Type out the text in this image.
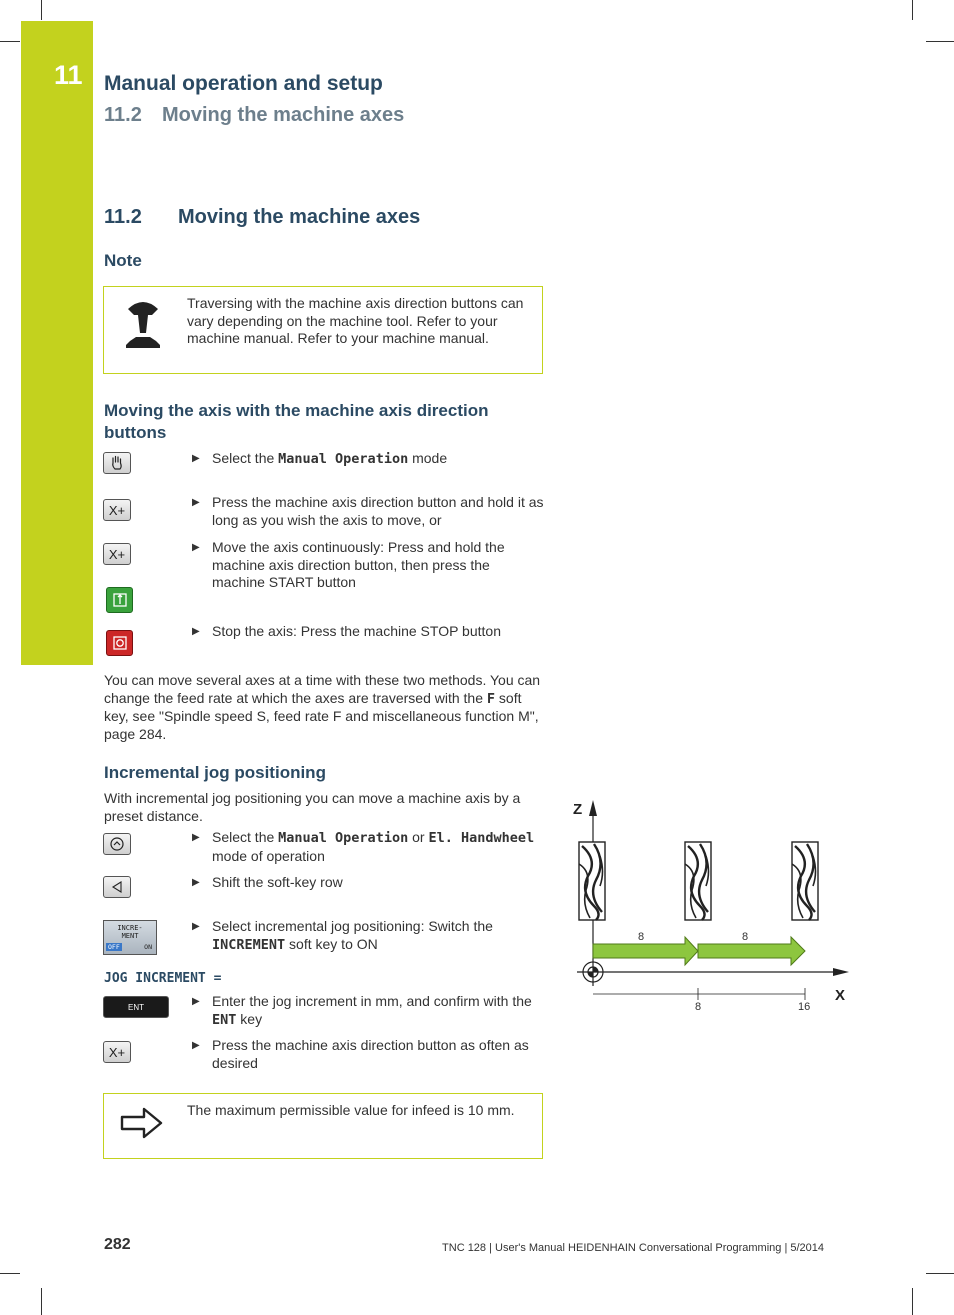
11 Manual operation and setup
11.2 Moving the machine axes
11.2 Moving the machine axes
Note
Traversing with the machine axis direction buttons can vary depending on the machine tool. Refer to your machine manual. Refer to your machine manual.
Moving the axis with the machine axis direction buttons
▶ Select the Manual Operation mode
X+	▶ Press the machine axis direction button and hold it as long as you wish the axis to move, or
X+	▶ Move the axis continuously: Press and hold the machine axis direction button, then press the machine START button
▶ Stop the axis: Press the machine STOP button
You can move several axes at a time with these two methods. You can change the feed rate at which the axes are traversed with the F soft key, see "Spindle speed S, feed rate F and miscellaneous function M", page 284.
Incremental jog positioning
With incremental jog positioning you can move a machine axis by a preset distance.
▶ Select the Manual Operation or El. Handwheel mode of operation
▶ Shift the soft-key row
INCRE-
MENT
OFF	ON
▶ Select incremental jog positioning: Switch the INCREMENT soft key to ON
JOG INCREMENT =
ENT	▶ Enter the jog increment in mm, and confirm with the ENT key
X+	▶ Press the machine axis direction button as often as desired
The maximum permissible value for infeed is 10 mm.
Z
X
8	8
8	16
282	TNC 128 | User's Manual HEIDENHAIN Conversational Programming | 5/2014
